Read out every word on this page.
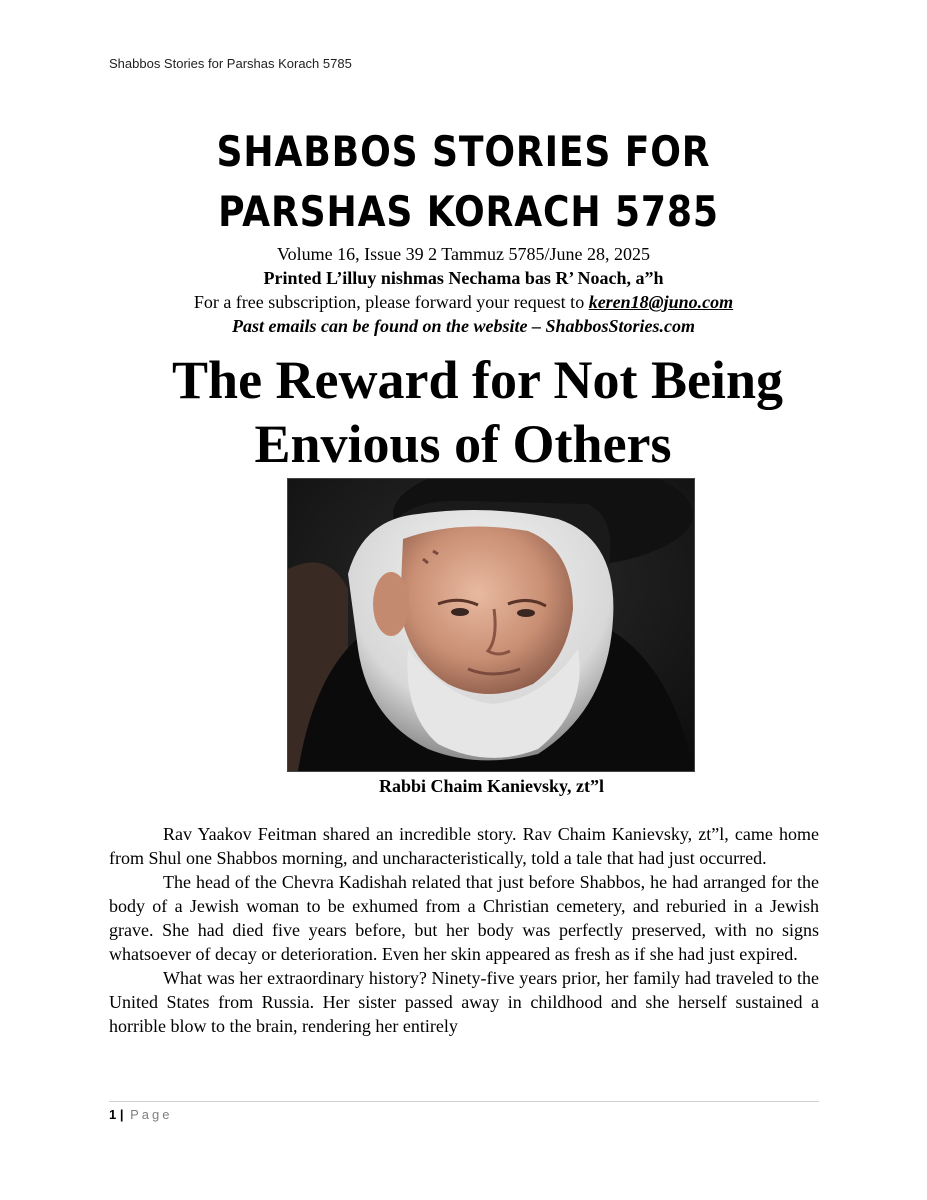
Shabbos Stories for Parshas Korach 5785
SHABBOS STORIES FOR
PARSHAS KORACH 5785
Volume 16, Issue 39 2 Tammuz 5785/June 28, 2025
Printed L’illuy nishmas Nechama bas R’ Noach, a”h
For a free subscription, please forward your request to keren18@juno.com
Past emails can be found on the website – ShabbosStories.com
The Reward for Not Being
Envious of Others
Rabbi Chaim Kanievsky, zt”l

Rav Yaakov Feitman shared an incredible story. Rav Chaim Kanievsky, zt”l, came home from Shul one Shabbos morning, and uncharacteristically, told a tale that had just occurred.

The head of the Chevra Kadishah related that just before Shabbos, he had arranged for the body of a Jewish woman to be exhumed from a Christian cemetery, and reburied in a Jewish grave. She had died five years before, but her body was perfectly preserved, with no signs whatsoever of decay or deterioration. Even her skin appeared as fresh as if she had just expired.

What was her extraordinary history? Ninety-five years prior, her family had traveled to the United States from Russia. Her sister passed away in childhood and she herself sustained a horrible blow to the brain, rendering her entirely

1 | Page
